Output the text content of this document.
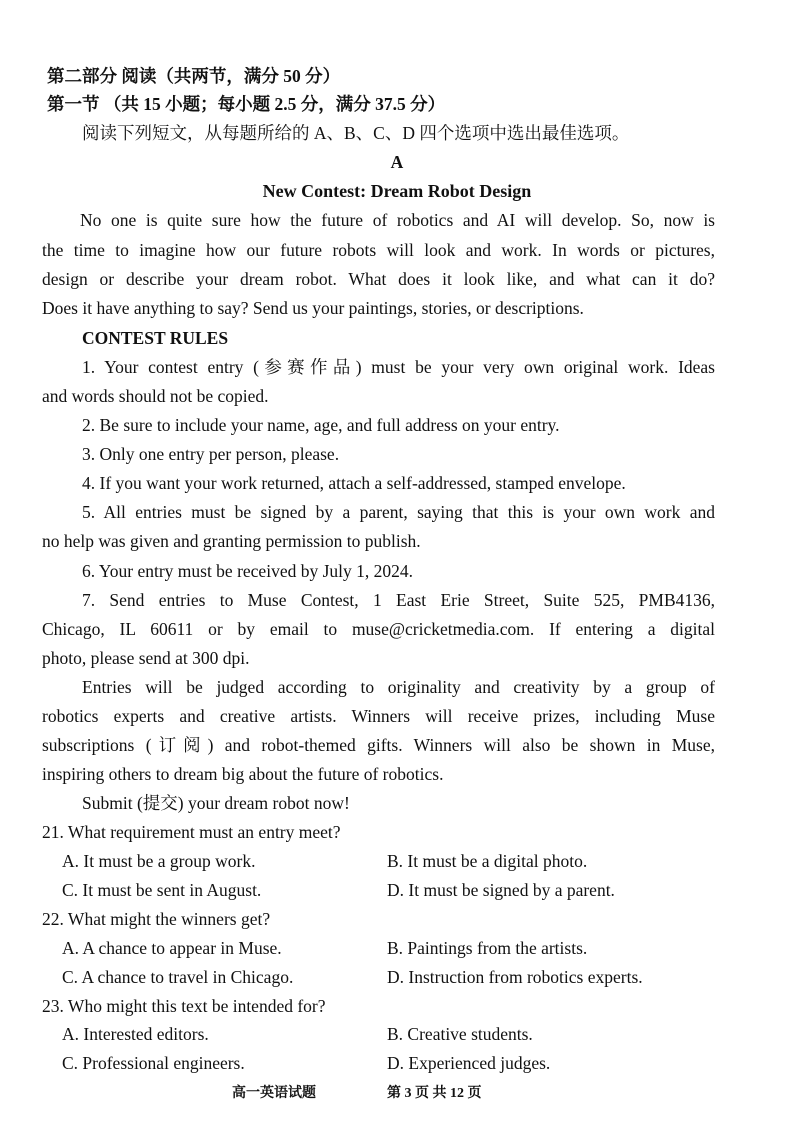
第二部分 阅读（共两节，满分 50 分）
第一节 （共 15 小题；每小题 2.5 分，满分 37.5 分）
阅读下列短文，从每题所给的 A、B、C、D 四个选项中选出最佳选项。
A
New Contest: Dream Robot Design
No one is quite sure how the future of robotics and AI will develop. So, now is
the time to imagine how our future robots will look and work. In words or pictures,
design or describe your dream robot. What does it look like, and what can it do?
Does it have anything to say? Send us your paintings, stories, or descriptions.
CONTEST RULES
1. Your contest entry (参赛作品) must be your very own original work. Ideas
and words should not be copied.
2. Be sure to include your name, age, and full address on your entry.
3. Only one entry per person, please.
4. If you want your work returned, attach a self-addressed, stamped envelope.
5. All entries must be signed by a parent, saying that this is your own work and
no help was given and granting permission to publish.
6. Your entry must be received by July 1, 2024.
7. Send entries to Muse Contest, 1 East Erie Street, Suite 525, PMB4136,
Chicago, IL 60611 or by email to muse@cricketmedia.com. If entering a digital
photo, please send at 300 dpi.
Entries will be judged according to originality and creativity by a group of
robotics experts and creative artists. Winners will receive prizes, including Muse
subscriptions (订阅) and robot-themed gifts. Winners will also be shown in Muse,
inspiring others to dream big about the future of robotics.
Submit (提交) your dream robot now!
21. What requirement must an entry meet?
A. It must be a group work.	B. It must be a digital photo.
C. It must be sent in August.	D. It must be signed by a parent.
22. What might the winners get?
A. A chance to appear in Muse.	B. Paintings from the artists.
C. A chance to travel in Chicago.	D. Instruction from robotics experts.
23. Who might this text be intended for?
A. Interested editors.	B. Creative students.
C. Professional engineers.	D. Experienced judges.
高一英语试题	第 3 页 共 12 页
